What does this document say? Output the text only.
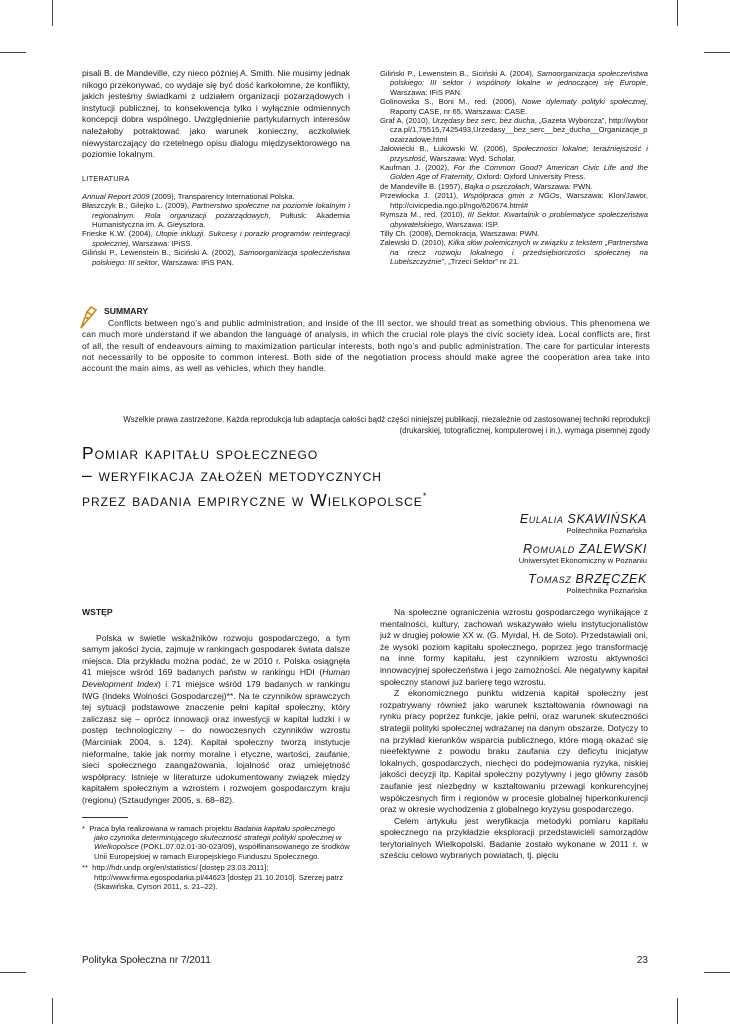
pisali B. de Mandeville, czy nieco później A. Smith. Nie musimy jednak nikogo przekonywać, co wydaje się być dość karkołomne, że konflikty, jakich jesteśmy świadkami z udziałem organizacji pozarządowych i instytucji publicznej, to konsekwencja tylko i wyłącznie odmiennych koncepcji dobra wspólnego. Uwzględnienie partykularnych interesów należałoby potraktować jako warunek konieczny, aczkolwiek niewystarczający do rzetelnego opisu dialogu międzysektorowego na poziomie lokalnym.

LITERATURA

Annual Report 2009 (2009), Transparency International Polska.

Błaszczyk B., Gilejko L. (2009), Partnerstwo społeczne na poziomie lokalnym i regionalnym. Rola organizacji pozarządowych, Pułtusk: Akademia Humanistyczna im. A. Gieysztora.

Frieske K.W. (2004), Utopie inkluzji. Sukcesy i porażki programów reintegracji społecznej, Warszawa: IPiSS.

Giliński P., Lewenstein B., Siciński A. (2002), Samoorganizacja społeczeństwa polskiego: III sektor, Warszawa: IFiS PAN.

Giliński P., Lewenstein B., Siciński A. (2004), Samoorganizacja społeczeństwa polskiego: III sektor i wspólnoty lokalne w jednoczącej się Europie, Warszawa: IFiS PAN.

Golinowska S., Boni M., red. (2006), Nowe dylematy polityki społecznej, Raporty CASE, nr 65, Warszawa: CASE.

Graf A. (2010), Urzędasy bez serc, bez ducha, „Gazeta Wyborcza”, http://wyborcza.pl/1,75515,7425493,Urzedasy__bez_serc__bez_ducha__Organizacje_pozarzadowe.html

Jałowiecki B., Łukowski W. (2006), Społeczności lokalne; teraźniejszość i przyszłość, Warszawa: Wyd. Scholar.

Kaufman J. (2002), For the Common Good? American Civic Life and the Golden Age of Fraternity, Oxford: Oxford University Press.

de Mandeville B. (1957), Bajka o pszczołach, Warszawa: PWN.

Przewłocka J. (2011), Współpraca gmin z NGOs, Warszawa: Klon/Jawor, http://civicpedia.ngo.pl/ngo/620674.html#

Rymsza M., red. (2010), III Sektor. Kwartalnik o problematyce społeczeństwa obywatelskiego, Warszawa: ISP.

Tilly Ch. (2008), Demokracja, Warszawa: PWN.

Zalewski D. (2010), Kilka słów polemicznych w związku z tekstem „Partnerstwa na rzecz rozwoju lokalnego i przedsiębiorczości społecznej na Lubelszczyźnie”, „Trzeci Sektor” nr 21.

SUMMARY

Conflicts between ngo’s and public administration, and inside of the III sector, we should treat as something obvious. This phenomena we can much more understand if we abandon the language of analysis, in which the crucial role plays the civic society idea. Local conflicts are, first of all, the result of endeavours aiming to maximization particular interests, both ngo’s and public administration. The care for particular interests not necessarily to be opposite to common interest. Both side of the negotiation process should make agree the cooperation area take into account the main aims, as well as vehicles, which they handle.

Wszelkie prawa zastrzeżone. Każda reprodukcja lub adaptacja całości bądź części niniejszej publikacji, niezależnie od zastosowanej techniki reprodukcji (drukarskiej, totograficznej, komputerowej i in.), wymaga pisemnej zgody
Pomiar kapitału społecznego
– weryfikacja założeń metodycznych
przez badania empiryczne w Wielkopolsce*
Eulalia SKAWIŃSKA
Politechnika Poznańska
Romuald ZALEWSKI
Uniwersytet Ekonomiczny w Poznaniu
Tomasz BRZĘCZEK
Politechnika Poznańska
WSTĘP

Polska w świetle wskaźników rozwoju gospodarczego, a tym samym jakości życia, zajmuje w rankingach gospodarek świata dalsze miejsca. Dla przykładu można podać, że w 2010 r. Polska osiągnęła 41 miejsce wśród 169 badanych państw w rankingu HDI (Human Development Index) i 71 miejsce wśród 179 badanych w rankingu IWG (Indeks Wolności Gospodarczej)**. Na te czynników sprawczych tej sytuacji podstawowe znaczenie pełni kapitał społeczny, który zaliczasz się – oprócz innowacji oraz inwestycji w kapitał ludzki i w postęp technologiczny – do nowoczesnych czynników wzrostu (Marciniak 2004, s. 124). Kapitał społeczny tworzą instytucje nieformalne, takie jak normy moralne i etyczne, wartości, zaufanie, sieci społecznego zaangażowania, lojalność oraz umiejętność współpracy. Istnieje w literaturze udokumentowany związek między kapitałem społecznym a wzrostem i rozwojem gospodarczym kraju (regionu) (Sztaudynger 2005, s. 68–82).

* Praca była realizowana w ramach projektu Badania kapitału społecznego jako czynnika determinującego skuteczność strategii polityki społecznej w Wielkopolsce (POKL.07.02.01-30-023/09), współfinansowanego ze środków Unii Europejskiej w ramach Europejskiego Funduszu Społecznego.

** http://hdr.undp.org/en/statistics/ [dostęp 23.03.2011]; http://www.firma.egospodarka.pl/44623 [dostęp 21.10.2010]. Szerzej patrz (Skawińska, Cyrson 2011, s. 21–22).

Na społeczne ograniczenia wzrostu gospodarczego wynikające z mentalności, kultury, zachowań wskazywało wielu instytucjonalistów już w drugiej połowie XX w. (G. Myrdal, H. de Soto). Przedstawiali oni, że wysoki poziom kapitału społecznego, poprzez jego transformację na inne formy kapitału, jest czynnikiem wzrostu aktywności innowacyjnej społeczeństwa i jego zamożności. Ale negatywny kapitał społeczny stanowi już barierę tego wzrostu.

Z ekonomicznego punktu widzenia kapitał społeczny jest rozpatrywany również jako warunek kształtowania równowagi na rynku pracy poprzez funkcje, jakie pełni, oraz warunek skuteczności strategii polityki społecznej wdrażanej na danym obszarze. Dotyczy to na przykład kierunków wsparcia publicznego, które mogą okazać się nieefektywne z powodu braku zaufania czy deficytu inicjatyw lokalnych, gospodarczych, niechęci do podejmowania ryzyka, niskiej jakości decyzji itp. Kapitał społeczny pozytywny i jego główny zasób zaufanie jest niezbędny w kształtowaniu przewagi konkurencyjnej współczesnych firm i regionów w procesie globalnej hiperkonkurencji oraz w okresie wychodzenia z globalnego kryzysu gospodarczego.

Celem artykułu jest weryfikacja metodyki pomiaru kapitału społecznego na przykładzie eksploracji przedstawicieli samorządów terytorialnych Wielkopolski. Badanie zostało wykonane w 2011 r. w sześciu celowo wybranych powiatach, tj. pięciu

Polityka Społeczna nr 7/2011	23
